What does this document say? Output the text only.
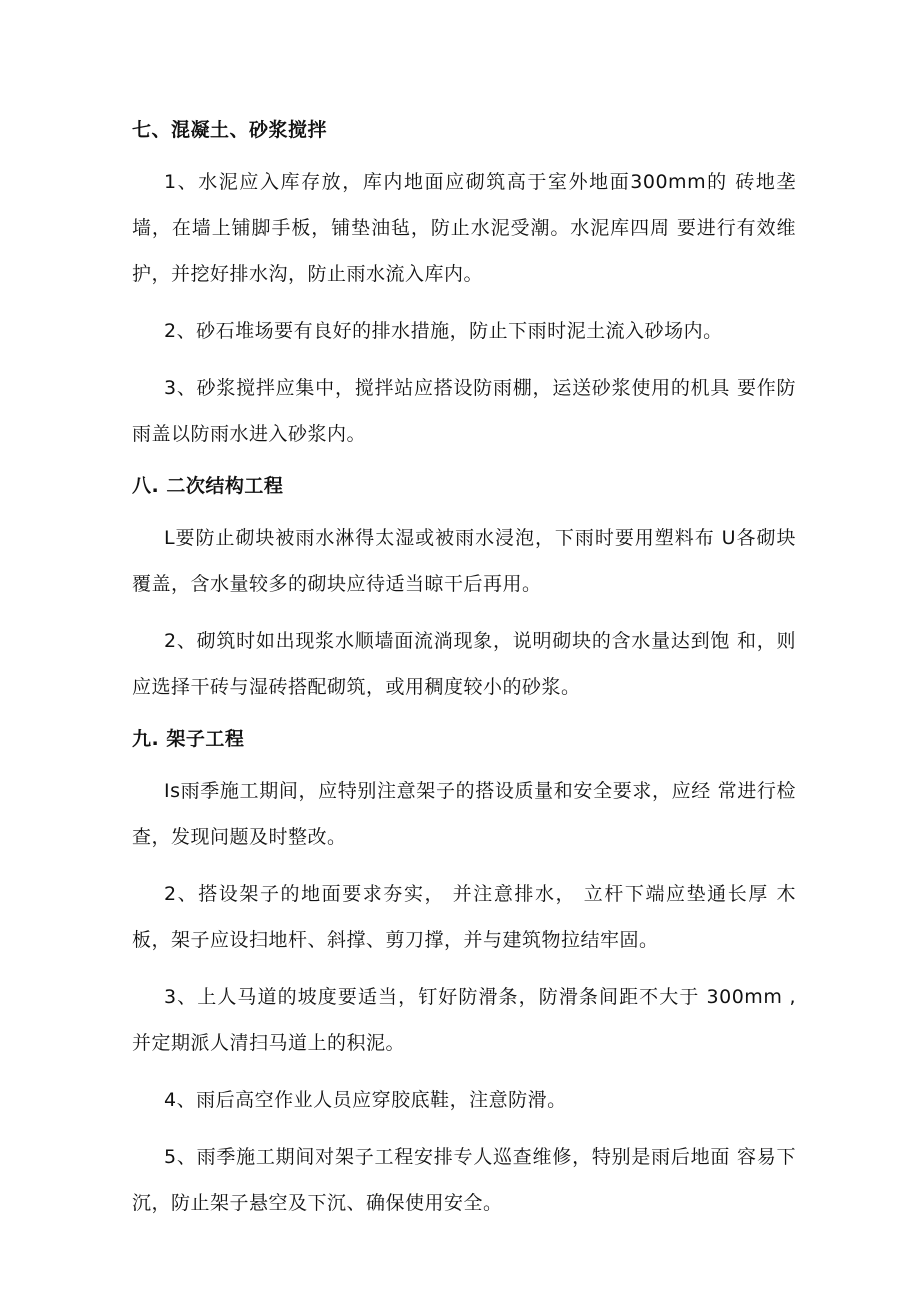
七、混凝土、砂浆搅拌

1、水泥应入库存放，库内地面应砌筑高于室外地面300mm的 砖地垄墙，在墙上铺脚手板，铺垫油毡，防止水泥受潮。水泥库四周 要进行有效维护，并挖好排水沟，防止雨水流入库内。

2、砂石堆场要有良好的排水措施，防止下雨时泥土流入砂场内。

3、砂浆搅拌应集中，搅拌站应搭设防雨棚，运送砂浆使用的机具 要作防雨盖以防雨水进入砂浆内。

八. 二次结构工程

L要防止砌块被雨水淋得太湿或被雨水浸泡，下雨时要用塑料布 U各砌块覆盖，含水量较多的砌块应待适当晾干后再用。

2、砌筑时如出现浆水顺墙面流淌现象，说明砌块的含水量达到饱 和，则应选择干砖与湿砖搭配砌筑，或用稠度较小的砂浆。

九. 架子工程

Is雨季施工期间，应特别注意架子的搭设质量和安全要求，应经 常进行检查，发现问题及时整改。

2、搭设架子的地面要求夯实， 并注意排水， 立杆下端应垫通长厚 木板，架子应设扫地杆、斜撑、剪刀撑，并与建筑物拉结牢固。

3、上人马道的坡度要适当，钉好防滑条，防滑条间距不大于 300mm ,并定期派人清扫马道上的积泥。

4、雨后高空作业人员应穿胶底鞋，注意防滑。

5、雨季施工期间对架子工程安排专人巡查维修，特别是雨后地面 容易下沉，防止架子悬空及下沉、确保使用安全。
